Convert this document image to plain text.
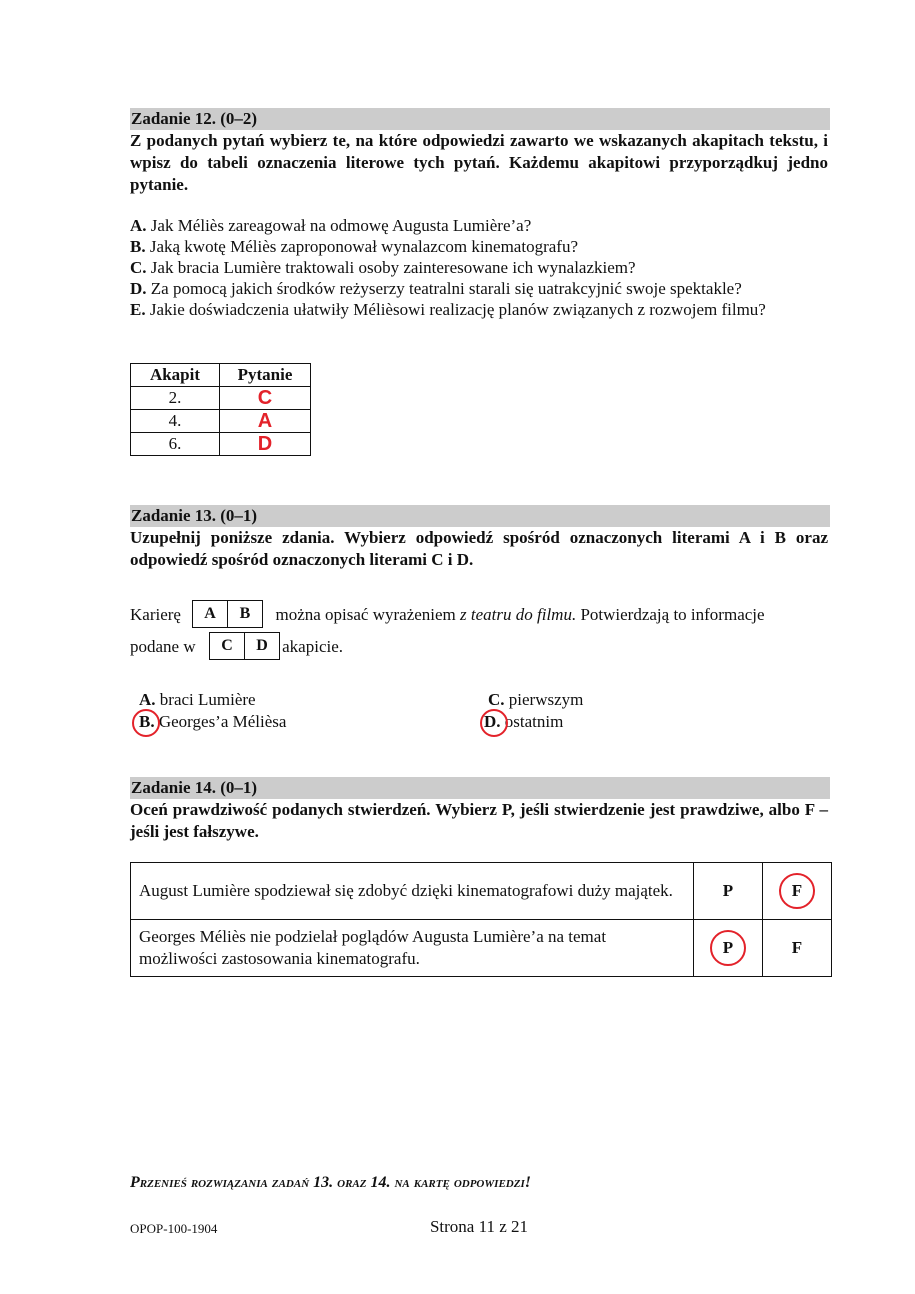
Zadanie 12. (0–2)
Z podanych pytań wybierz te, na które odpowiedzi zawarto we wskazanych akapitach tekstu, i wpisz do tabeli oznaczenia literowe tych pytań. Każdemu akapitowi przyporządkuj jedno pytanie.
A. Jak Méliès zareagował na odmowę Augusta Lumière’a?
B. Jaką kwotę Méliès zaproponował wynalazcom kinematografu?
C. Jak bracia Lumière traktowali osoby zainteresowane ich wynalazkiem?
D. Za pomocą jakich środków reżyserzy teatralni starali się uatrakcyjnić swoje spektakle?
E. Jakie doświadczenia ułatwiły Mélièsowi realizację planów związanych z rozwojem filmu?
Akapit	Pytanie
2.	C
4.	A
6.	D
Zadanie 13. (0–1)
Uzupełnij poniższe zdania. Wybierz odpowiedź spośród oznaczonych literami A i B oraz odpowiedź spośród oznaczonych literami C i D.
Karierę	można opisać wyrażeniem z teatru do filmu. Potwierdzają to informacje
A	B
podane w	akapicie.
C	D
A. braci Lumière
B. Georges’a Mélièsa
C. pierwszym
D. ostatnim
Zadanie 14. (0–1)
Oceń prawdziwość podanych stwierdzeń. Wybierz P, jeśli stwierdzenie jest prawdziwe, albo F – jeśli jest fałszywe.
August Lumière spodziewał się zdobyć dzięki kinematografowi duży majątek.	P	F
Georges Méliès nie podzielał poglądów Augusta Lumière’a na temat możliwości zastosowania kinematografu.	P	F
Przenieś rozwiązania zadań 13. oraz 14. na kartę odpowiedzi!
OPOP-100-1904	Strona 11 z 21
